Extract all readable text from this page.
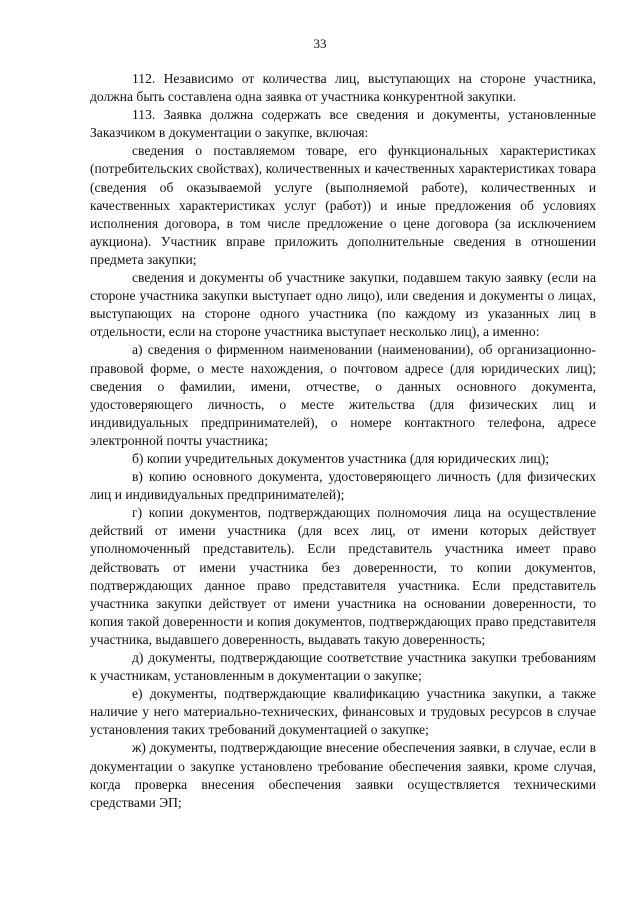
33

112. Независимо от количества лиц, выступающих на стороне участника, должна быть составлена одна заявка от участника конкурентной закупки.

113. Заявка должна содержать все сведения и документы, установленные Заказчиком в документации о закупке, включая:

сведения о поставляемом товаре, его функциональных характеристиках (потребительских свойствах), количественных и качественных характеристиках товара (сведения об оказываемой услуге (выполняемой работе), количественных и качественных характеристиках услуг (работ)) и иные предложения об условиях исполнения договора, в том числе предложение о цене договора (за исключением аукциона). Участник вправе приложить дополнительные сведения в отношении предмета закупки;

сведения и документы об участнике закупки, подавшем такую заявку (если на стороне участника закупки выступает одно лицо), или сведения и документы о лицах, выступающих на стороне одного участника (по каждому из указанных лиц в отдельности, если на стороне участника выступает несколько лиц), а именно:

а) сведения о фирменном наименовании (наименовании), об организационно-правовой форме, о месте нахождения, о почтовом адресе (для юридических лиц); сведения о фамилии, имени, отчестве, о данных основного документа, удостоверяющего личность, о месте жительства (для физических лиц и индивидуальных предпринимателей), о номере контактного телефона, адресе электронной почты участника;

б) копии учредительных документов участника (для юридических лиц);

в) копию основного документа, удостоверяющего личность (для физических лиц и индивидуальных предпринимателей);

г) копии документов, подтверждающих полномочия лица на осуществление действий от имени участника (для всех лиц, от имени которых действует уполномоченный представитель). Если представитель участника имеет право действовать от имени участника без доверенности, то копии документов, подтверждающих данное право представителя участника. Если представитель участника закупки действует от имени участника на основании доверенности, то копия такой доверенности и копия документов, подтверждающих право представителя участника, выдавшего доверенность, выдавать такую доверенность;

д) документы, подтверждающие соответствие участника закупки требованиям к участникам, установленным в документации о закупке;

е) документы, подтверждающие квалификацию участника закупки, а также наличие у него материально-технических, финансовых и трудовых ресурсов в случае установления таких требований документацией о закупке;

ж) документы, подтверждающие внесение обеспечения заявки, в случае, если в документации о закупке установлено требование обеспечения заявки, кроме случая, когда проверка внесения обеспечения заявки осуществляется техническими средствами ЭП;
